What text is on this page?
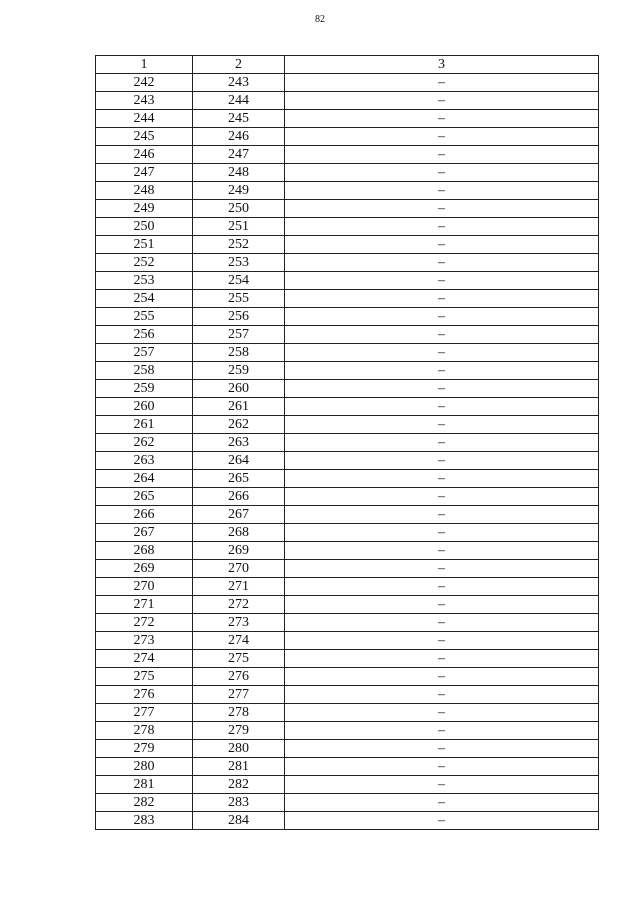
82
1	2	3
242	243	–
243	244	–
244	245	–
245	246	–
246	247	–
247	248	–
248	249	–
249	250	–
250	251	–
251	252	–
252	253	–
253	254	–
254	255	–
255	256	–
256	257	–
257	258	–
258	259	–
259	260	–
260	261	–
261	262	–
262	263	–
263	264	–
264	265	–
265	266	–
266	267	–
267	268	–
268	269	–
269	270	–
270	271	–
271	272	–
272	273	–
273	274	–
274	275	–
275	276	–
276	277	–
277	278	–
278	279	–
279	280	–
280	281	–
281	282	–
282	283	–
283	284	–
